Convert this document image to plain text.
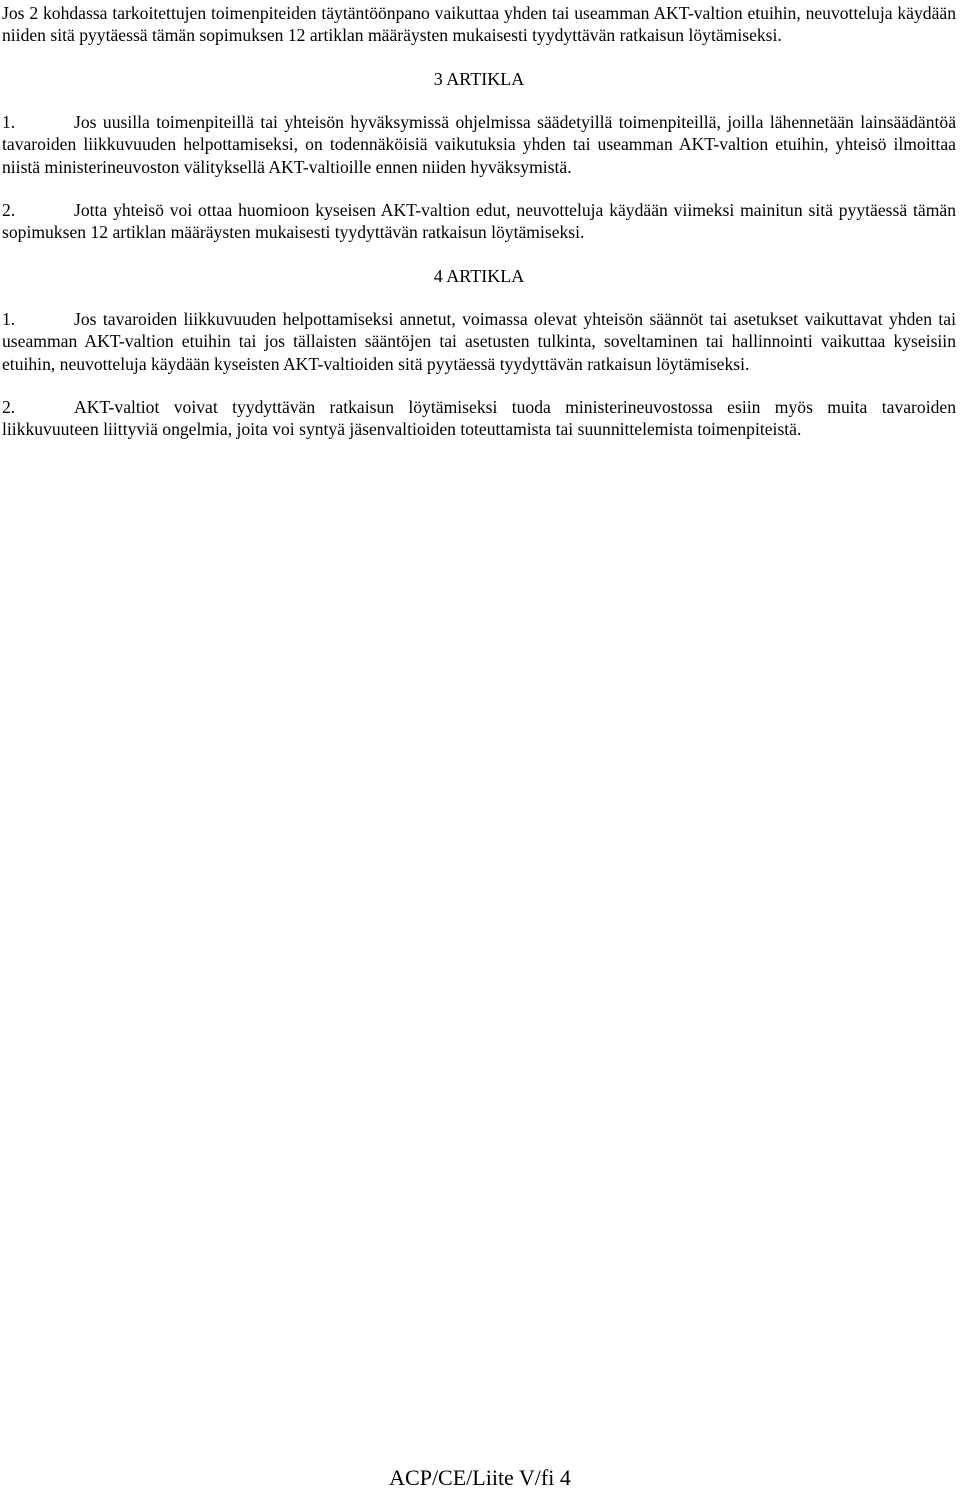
Jos 2 kohdassa tarkoitettujen toimenpiteiden täytäntöönpano vaikuttaa yhden tai useamman AKT-valtion etuihin, neuvotteluja käydään niiden sitä pyytäessä tämän sopimuksen 12 artiklan määräysten mukaisesti tyydyttävän ratkaisun löytämiseksi.

3 ARTIKLA

1.	Jos uusilla toimenpiteillä tai yhteisön hyväksymissä ohjelmissa säädetyillä toimenpiteillä, joilla lähennetään lainsäädäntöä tavaroiden liikkuvuuden helpottamiseksi, on todennäköisiä vaikutuksia yhden tai useamman AKT-valtion etuihin, yhteisö ilmoittaa niistä ministerineuvoston välityksellä AKT-valtioille ennen niiden hyväksymistä.

2.	Jotta yhteisö voi ottaa huomioon kyseisen AKT-valtion edut, neuvotteluja käydään viimeksi mainitun sitä pyytäessä tämän sopimuksen 12 artiklan määräysten mukaisesti tyydyttävän ratkaisun löytämiseksi.

4 ARTIKLA

1.	Jos tavaroiden liikkuvuuden helpottamiseksi annetut, voimassa olevat yhteisön säännöt tai asetukset vaikuttavat yhden tai useamman AKT-valtion etuihin tai jos tällaisten sääntöjen tai asetusten tulkinta, soveltaminen tai hallinnointi vaikuttaa kyseisiin etuihin, neuvotteluja käydään kyseisten AKT-valtioiden sitä pyytäessä tyydyttävän ratkaisun löytämiseksi.

2.	AKT-valtiot voivat tyydyttävän ratkaisun löytämiseksi tuoda ministerineuvostossa esiin myös muita tavaroiden liikkuvuuteen liittyviä ongelmia, joita voi syntyä jäsenvaltioiden toteuttamista tai suunnittelemista toimenpiteistä.

ACP/CE/Liite V/fi 4
